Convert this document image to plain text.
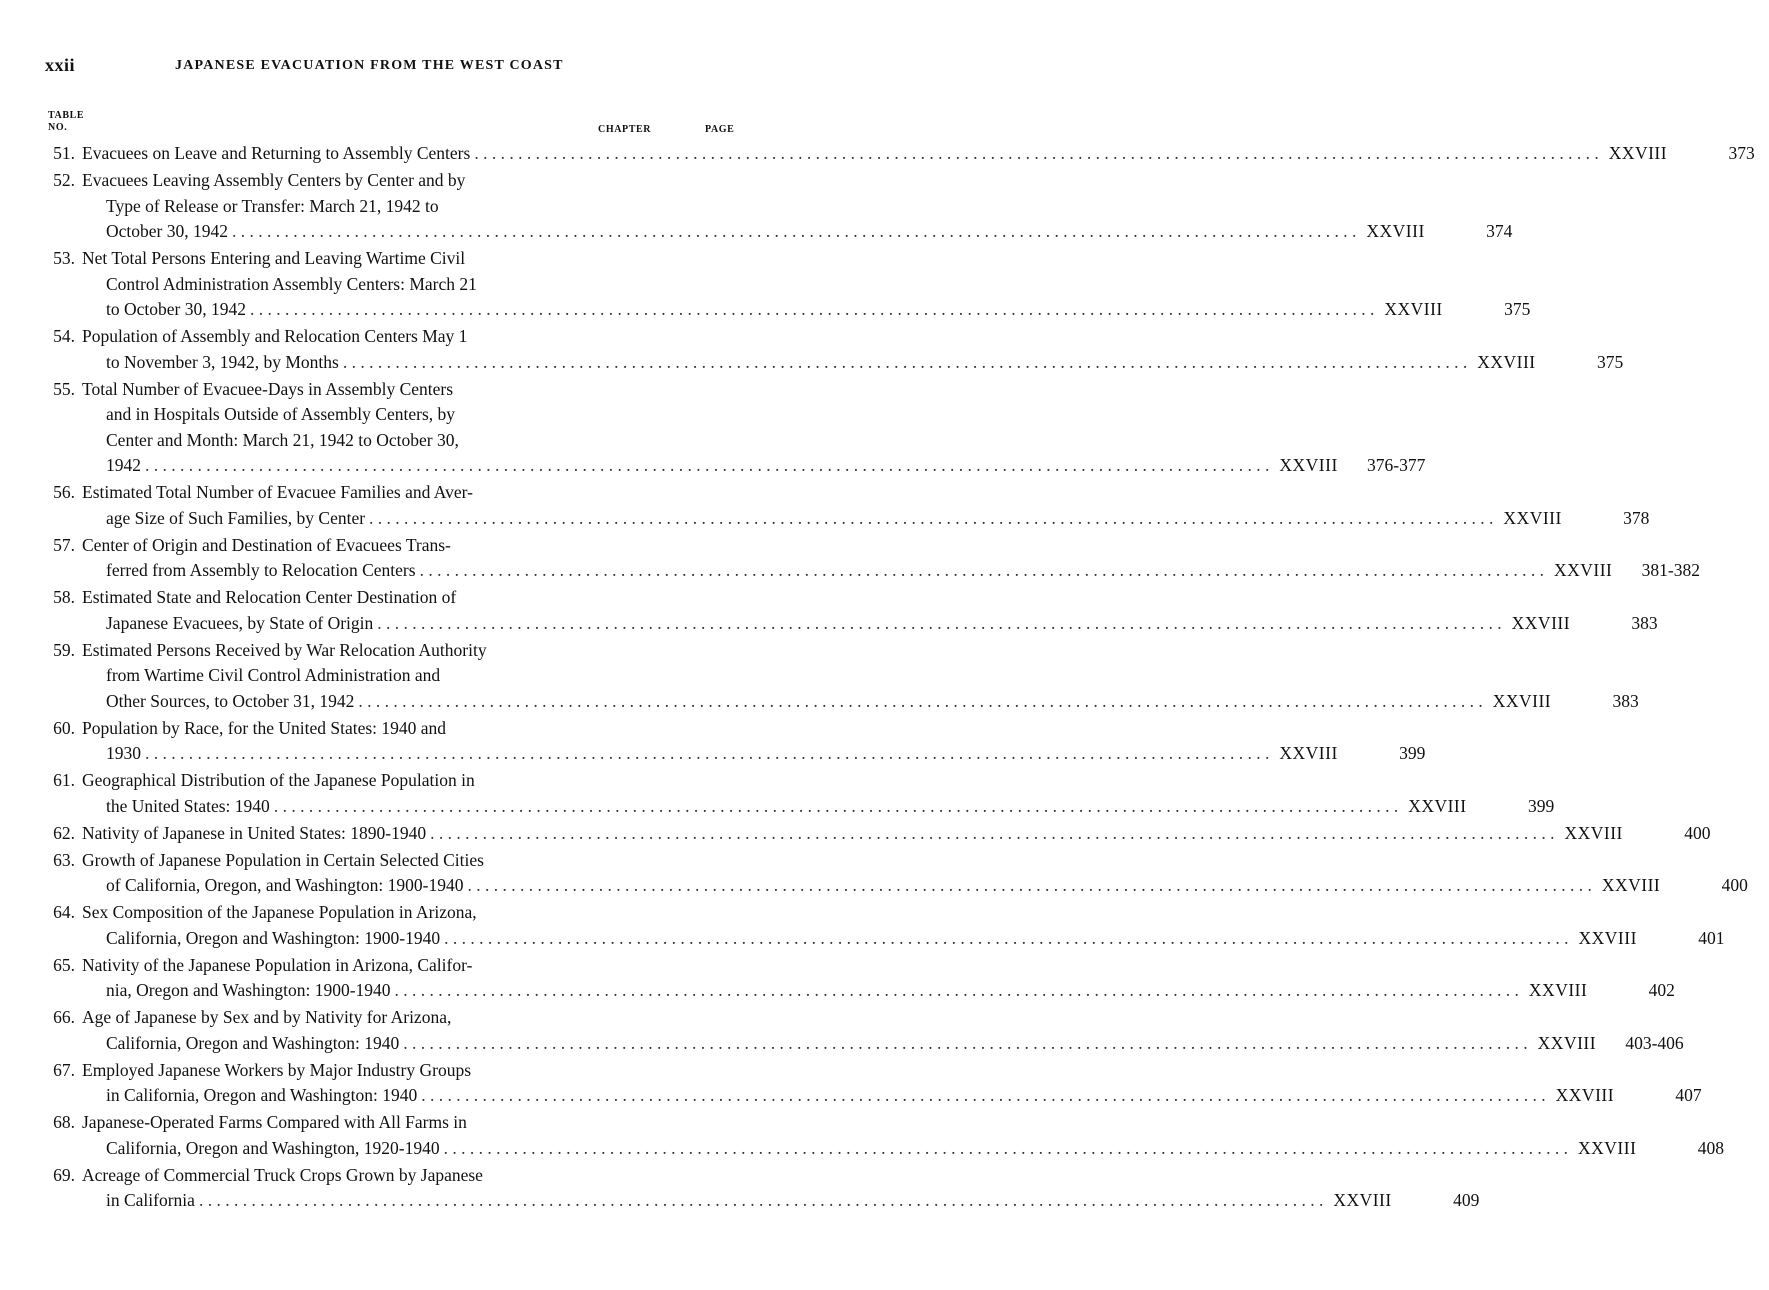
xxii	JAPANESE EVACUATION FROM THE WEST COAST
TABLE
NO.	CHAPTER	PAGE
51. Evacuees on Leave and Returning to Assembly Centers . . .	XXVIII	373
52. Evacuees Leaving Assembly Centers by Center and by
Type of Release or Transfer: March 21, 1942 to
October 30, 1942 . . .	XXVIII	374
53. Net Total Persons Entering and Leaving Wartime Civil
Control Administration Assembly Centers: March 21
to October 30, 1942 . . .	XXVIII	375
54. Population of Assembly and Relocation Centers May 1
to November 3, 1942, by Months . . .	XXVIII	375
55. Total Number of Evacuee-Days in Assembly Centers
and in Hospitals Outside of Assembly Centers, by
Center and Month: March 21, 1942 to October 30,
1942 . . .	XXVIII	376-377
56. Estimated Total Number of Evacuee Families and Aver-
age Size of Such Families, by Center . . .	XXVIII	378
57. Center of Origin and Destination of Evacuees Trans-
ferred from Assembly to Relocation Centers . . .	XXVIII	381-382
58. Estimated State and Relocation Center Destination of
Japanese Evacuees, by State of Origin . . .	XXVIII	383
59. Estimated Persons Received by War Relocation Authority
from Wartime Civil Control Administration and
Other Sources, to October 31, 1942 . . .	XXVIII	383
60. Population by Race, for the United States: 1940 and
1930 . . .	XXVIII	399
61. Geographical Distribution of the Japanese Population in
the United States: 1940 . . .	XXVIII	399
62. Nativity of Japanese in United States: 1890-1940 . . .	XXVIII	400
63. Growth of Japanese Population in Certain Selected Cities
of California, Oregon, and Washington: 1900-1940 . . .	XXVIII	400
64. Sex Composition of the Japanese Population in Arizona,
California, Oregon and Washington: 1900-1940 . . .	XXVIII	401
65. Nativity of the Japanese Population in Arizona, Califor-
nia, Oregon and Washington: 1900-1940 . . .	XXVIII	402
66. Age of Japanese by Sex and by Nativity for Arizona,
California, Oregon and Washington: 1940 . . .	XXVIII	403-406
67. Employed Japanese Workers by Major Industry Groups
in California, Oregon and Washington: 1940 . . .	XXVIII	407
68. Japanese-Operated Farms Compared with All Farms in
California, Oregon and Washington, 1920-1940 . . .	XXVIII	408
69. Acreage of Commercial Truck Crops Grown by Japanese
in California . . .	XXVIII	409
